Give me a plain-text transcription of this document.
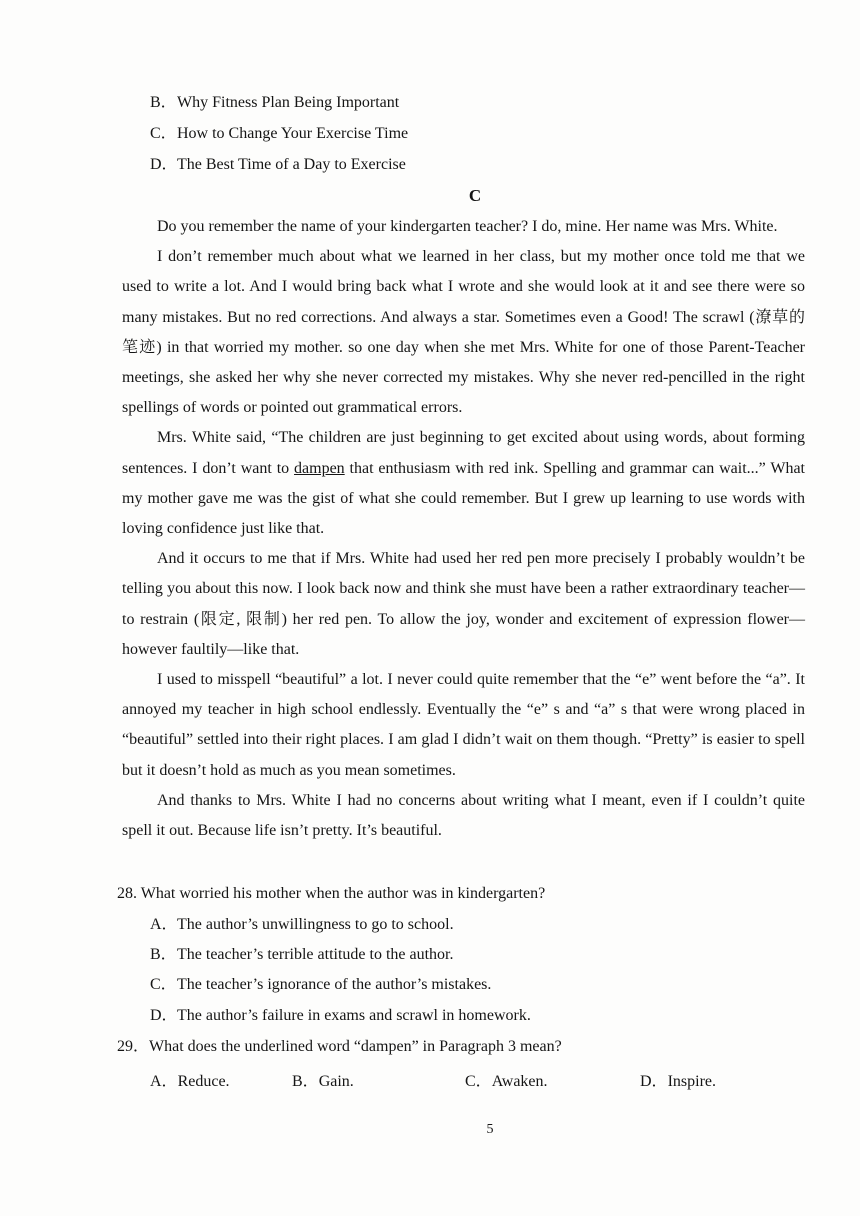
B．Why Fitness Plan Being Important
C．How to Change Your Exercise Time
D．The Best Time of a Day to Exercise
C

Do you remember the name of your kindergarten teacher? I do, mine. Her name was Mrs. White.

I don’t remember much about what we learned in her class, but my mother once told me that we used to write a lot. And I would bring back what I wrote and she would look at it and see there were so many mistakes. But no red corrections. And always a star. Sometimes even a Good! The scrawl (潦草的笔迹) in that worried my mother. so one day when she met Mrs. White for one of those Parent-Teacher meetings, she asked her why she never corrected my mistakes. Why she never red-pencilled in the right spellings of words or pointed out grammatical errors.

Mrs. White said, “The children are just beginning to get excited about using words, about forming sentences. I don’t want to dampen that enthusiasm with red ink. Spelling and grammar can wait...” What my mother gave me was the gist of what she could remember. But I grew up learning to use words with loving confidence just like that.

And it occurs to me that if Mrs. White had used her red pen more precisely I probably wouldn’t be telling you about this now. I look back now and think she must have been a rather extraordinary teacher—to restrain (限定, 限制) her red pen. To allow the joy, wonder and excitement of expression flower—however faultily—like that.

I used to misspell “beautiful” a lot. I never could quite remember that the “e” went before the “a”. It annoyed my teacher in high school endlessly. Eventually the “e” s and “a” s that were wrong placed in “beautiful” settled into their right places. I am glad I didn’t wait on them though. “Pretty” is easier to spell but it doesn’t hold as much as you mean sometimes.

And thanks to Mrs. White I had no concerns about writing what I meant, even if I couldn’t quite spell it out. Because life isn’t pretty. It’s beautiful.

28. What worried his mother when the author was in kindergarten?
A．The author’s unwillingness to go to school.
B．The teacher’s terrible attitude to the author.
C．The teacher’s ignorance of the author’s mistakes.
D．The author’s failure in exams and scrawl in homework.
29．What does the underlined word “dampen” in Paragraph 3 mean?
A．Reduce.	B．Gain.	C．Awaken.	D．Inspire.
5
